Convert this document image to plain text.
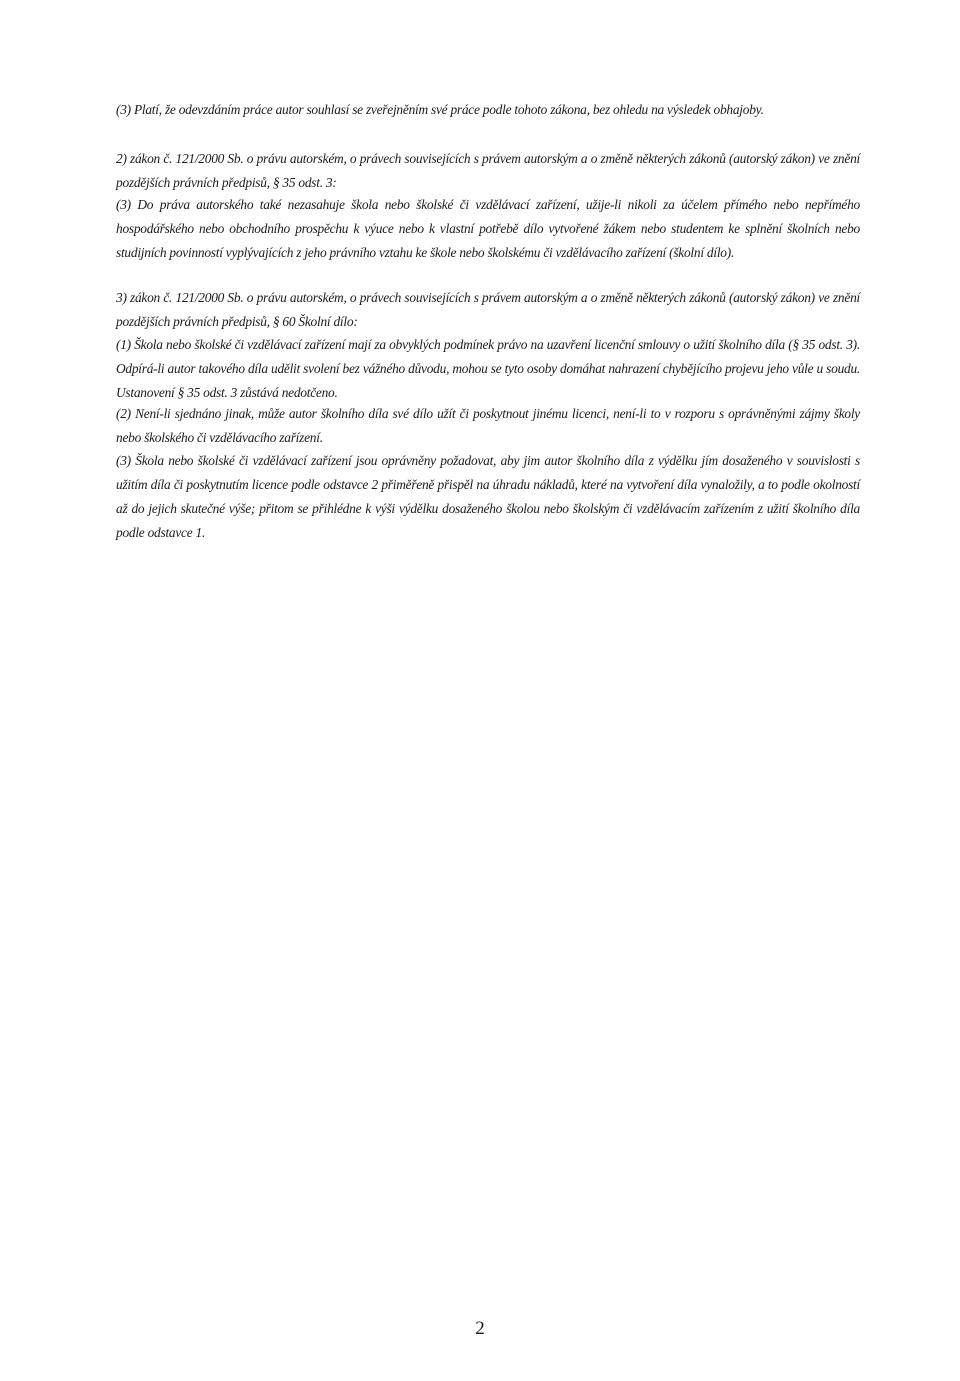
(3) Platí, že odevzdáním práce autor souhlasí se zveřejněním své práce podle tohoto zákona, bez ohledu na výsledek obhajoby.

2) zákon č. 121/2000 Sb. o právu autorském, o právech souvisejících s právem autorským a o změně některých zákonů (autorský zákon) ve znění pozdějších právních předpisů, § 35 odst. 3:

(3) Do práva autorského také nezasahuje škola nebo školské či vzdělávací zařízení, užije-li nikoli za účelem přímého nebo nepřímého hospodářského nebo obchodního prospěchu k výuce nebo k vlastní potřebě dílo vytvořené žákem nebo studentem ke splnění školních nebo studijních povinností vyplývajících z jeho právního vztahu ke škole nebo školskému či vzdělávacího zařízení (školní dílo).

3) zákon č. 121/2000 Sb. o právu autorském, o právech souvisejících s právem autorským a o změně některých zákonů (autorský zákon) ve znění pozdějších právních předpisů, § 60 Školní dílo:

(1) Škola nebo školské či vzdělávací zařízení mají za obvyklých podmínek právo na uzavření licenční smlouvy o užití školního díla (§ 35 odst. 3). Odpírá-li autor takového díla udělit svolení bez vážného důvodu, mohou se tyto osoby domáhat nahrazení chybějícího projevu jeho vůle u soudu. Ustanovení § 35 odst. 3 zůstává nedotčeno.

(2) Není-li sjednáno jinak, může autor školního díla své dílo užít či poskytnout jinému licenci, není-li to v rozporu s oprávněnými zájmy školy nebo školského či vzdělávacího zařízení.

(3) Škola nebo školské či vzdělávací zařízení jsou oprávněny požadovat, aby jim autor školního díla z výdělku jím dosaženého v souvislosti s užitím díla či poskytnutím licence podle odstavce 2 přiměřeně přispěl na úhradu nákladů, které na vytvoření díla vynaložily, a to podle okolností až do jejich skutečné výše; přitom se přihlédne k výši výdělku dosaženého školou nebo školským či vzdělávacím zařízením z užití školního díla podle odstavce 1.

2
